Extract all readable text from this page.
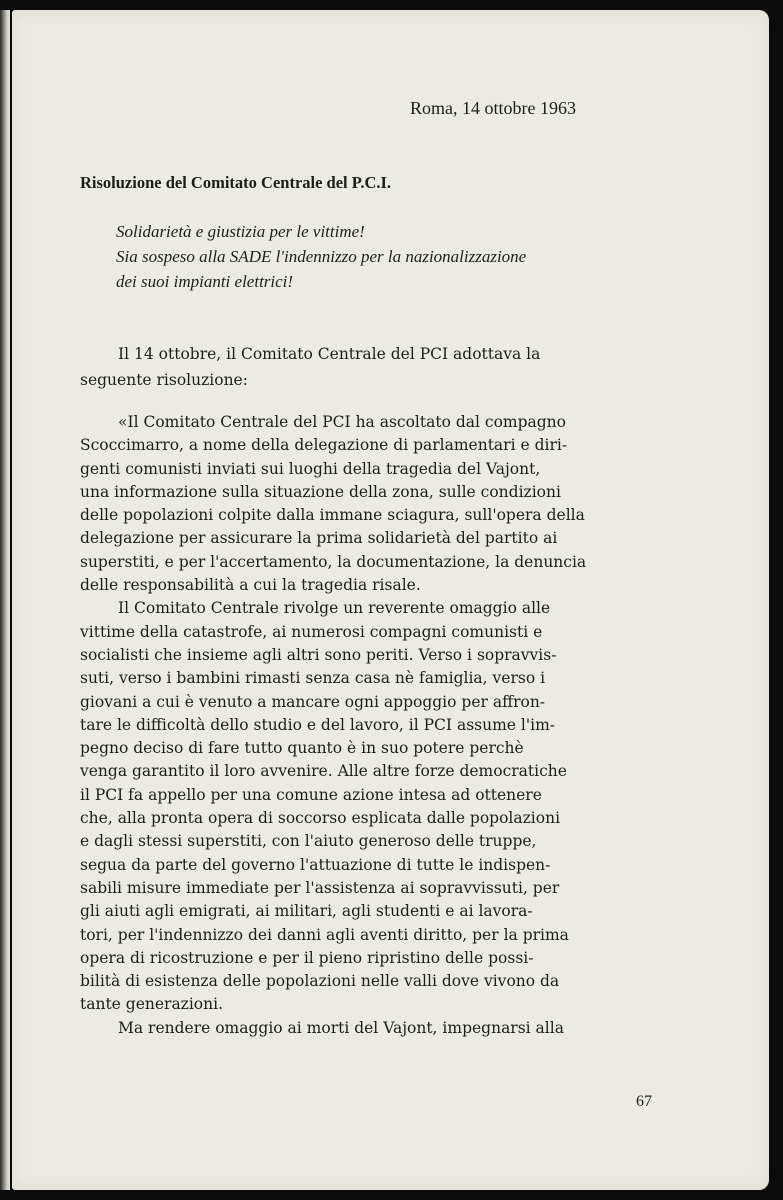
Roma, 14 ottobre 1963

Risoluzione del Comitato Centrale del P.C.I.

Solidarietà e giustizia per le vittime!
Sia sospeso alla SADE l'indennizzo per la nazionalizzazione
dei suoi impianti elettrici!
Il 14 ottobre, il Comitato Centrale del PCI adottava la
seguente risoluzione:
«Il Comitato Centrale del PCI ha ascoltato dal compagno
Scoccimarro, a nome della delegazione di parlamentari e diri-
genti comunisti inviati sui luoghi della tragedia del Vajont,
una informazione sulla situazione della zona, sulle condizioni
delle popolazioni colpite dalla immane sciagura, sull'opera della
delegazione per assicurare la prima solidarietà del partito ai
superstiti, e per l'accertamento, la documentazione, la denuncia
delle responsabilità a cui la tragedia risale.
Il Comitato Centrale rivolge un reverente omaggio alle
vittime della catastrofe, ai numerosi compagni comunisti e
socialisti che insieme agli altri sono periti. Verso i sopravvis-
suti, verso i bambini rimasti senza casa nè famiglia, verso i
giovani a cui è venuto a mancare ogni appoggio per affron-
tare le difficoltà dello studio e del lavoro, il PCI assume l'im-
pegno deciso di fare tutto quanto è in suo potere perchè
venga garantito il loro avvenire. Alle altre forze democratiche
il PCI fa appello per una comune azione intesa ad ottenere
che, alla pronta opera di soccorso esplicata dalle popolazioni
e dagli stessi superstiti, con l'aiuto generoso delle truppe,
segua da parte del governo l'attuazione di tutte le indispen-
sabili misure immediate per l'assistenza ai sopravvissuti, per
gli aiuti agli emigrati, ai militari, agli studenti e ai lavora-
tori, per l'indennizzo dei danni agli aventi diritto, per la prima
opera di ricostruzione e per il pieno ripristino delle possi-
bilità di esistenza delle popolazioni nelle valli dove vivono da
tante generazioni.
Ma rendere omaggio ai morti del Vajont, impegnarsi alla

67
